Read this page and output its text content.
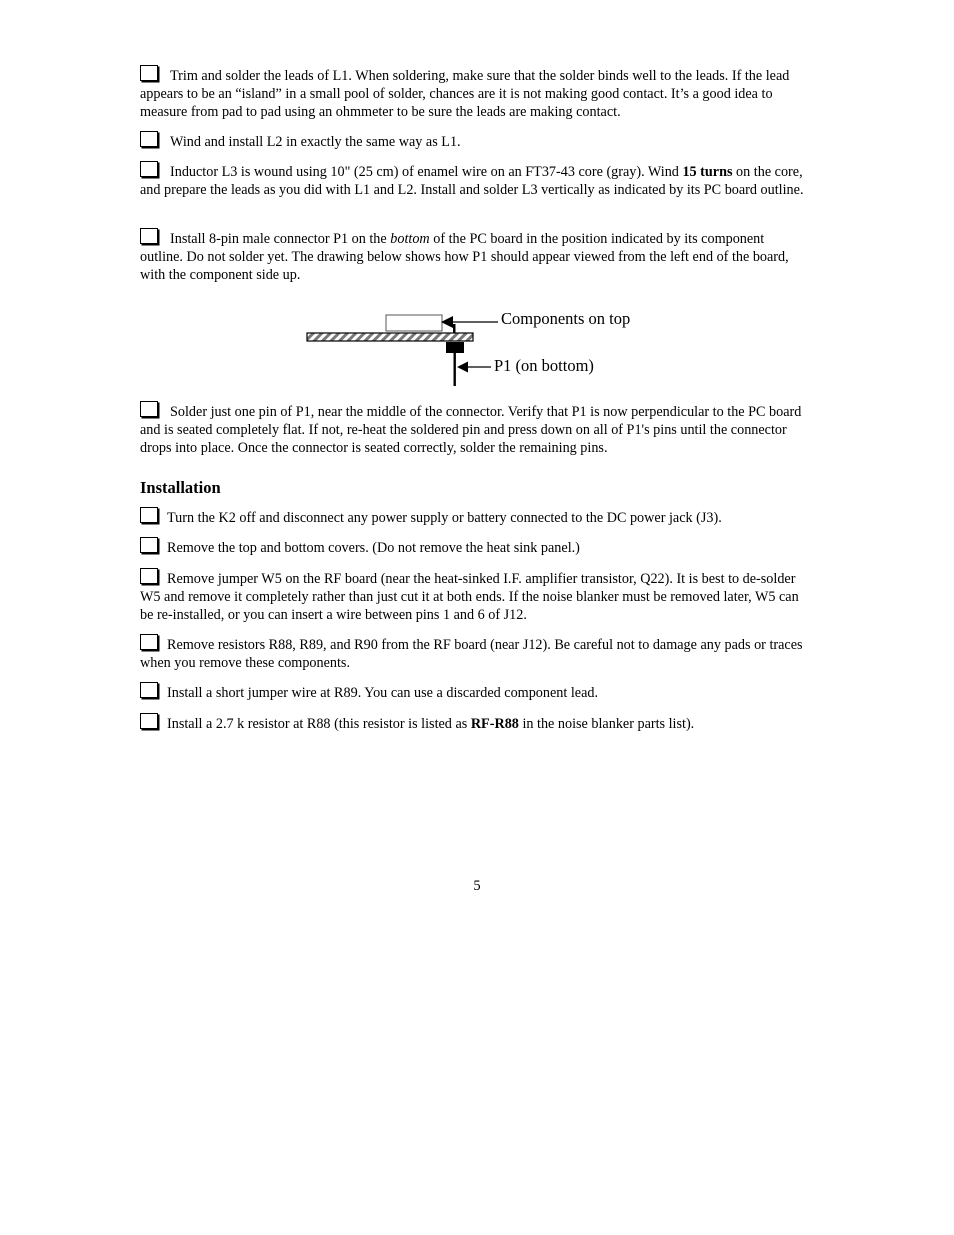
Trim and solder the leads of L1. When soldering, make sure that the solder binds well to the leads. If the lead appears to be an “island” in a small pool of solder, chances are it is not making good contact. It’s a good idea to measure from pad to pad using an ohmmeter to be sure the leads are making contact.
Wind and install L2 in exactly the same way as L1.
Inductor L3 is wound using 10" (25 cm) of enamel wire on an FT37-43 core (gray). Wind 15 turns on the core, and prepare the leads as you did with L1 and L2. Install and solder L3 vertically as indicated by its PC board outline.
Install 8-pin male connector P1 on the bottom of the PC board in the position indicated by its component outline. Do not solder yet. The drawing below shows how P1 should appear viewed from the left end of the board, with the component side up.
Components on top
P1 (on bottom)
Solder just one pin of P1, near the middle of the connector. Verify that P1 is now perpendicular to the PC board and is seated completely flat. If not, re-heat the soldered pin and press down on all of P1's pins until the connector drops into place. Once the connector is seated correctly, solder the remaining pins.
Installation
Turn the K2 off and disconnect any power supply or battery connected to the DC power jack (J3).
Remove the top and bottom covers. (Do not remove the heat sink panel.)
Remove jumper W5 on the RF board (near the heat-sinked I.F. amplifier transistor, Q22). It is best to de-solder W5 and remove it completely rather than just cut it at both ends. If the noise blanker must be removed later, W5 can be re-installed, or you can insert a wire between pins 1 and 6 of J12.
Remove resistors R88, R89, and R90 from the RF board (near J12). Be careful not to damage any pads or traces when you remove these components.
Install a short jumper wire at R89. You can use a discarded component lead.
Install a 2.7 k resistor at R88 (this resistor is listed as RF-R88 in the noise blanker parts list).
5
